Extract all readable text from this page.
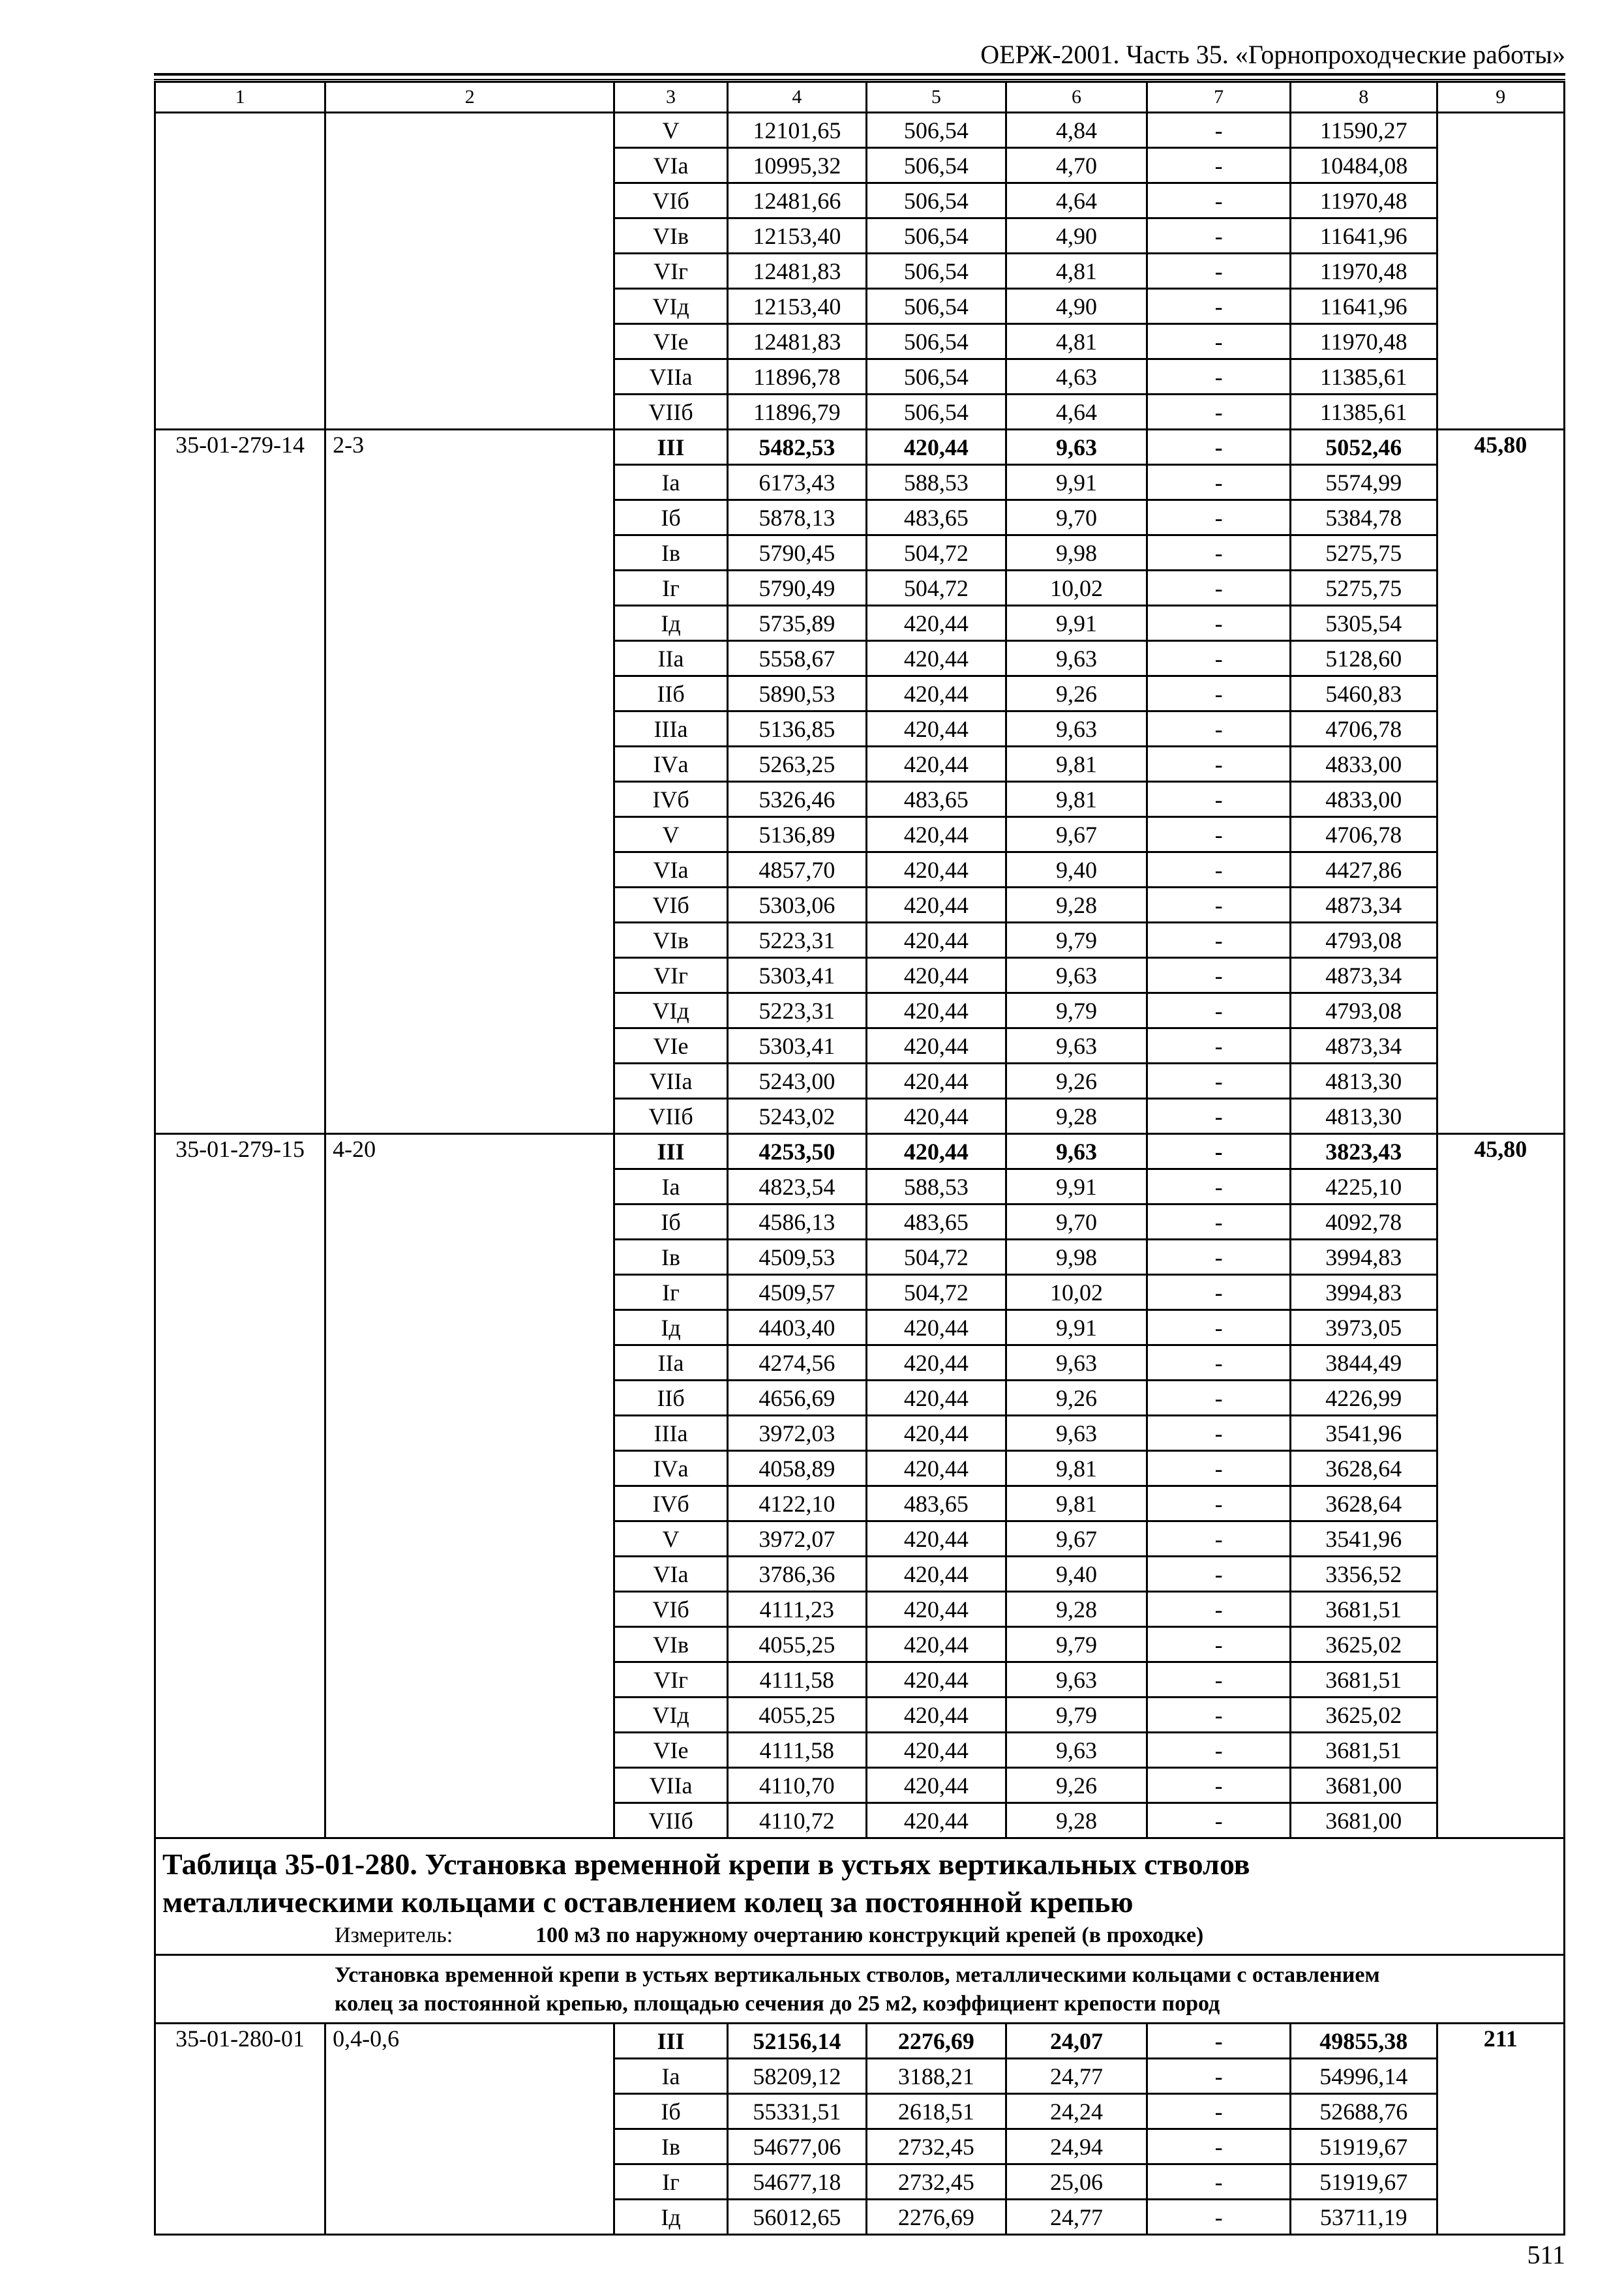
ОЕРЖ-2001. Часть 35. «Горнопроходческие работы»
1	2	3	4	5	6	7	8	9
		V	12101,65	506,54	4,84	-	11590,27	
		VIа	10995,32	506,54	4,70	-	10484,08	
		VIб	12481,66	506,54	4,64	-	11970,48	
		VIв	12153,40	506,54	4,90	-	11641,96	
		VIг	12481,83	506,54	4,81	-	11970,48	
		VIд	12153,40	506,54	4,90	-	11641,96	
		VIе	12481,83	506,54	4,81	-	11970,48	
		VIIа	11896,78	506,54	4,63	-	11385,61	
		VIIб	11896,79	506,54	4,64	-	11385,61	
35-01-279-14	2-3	III	5482,53	420,44	9,63	-	5052,46	45,80
		Iа	6173,43	588,53	9,91	-	5574,99	
		Iб	5878,13	483,65	9,70	-	5384,78	
		Iв	5790,45	504,72	9,98	-	5275,75	
		Iг	5790,49	504,72	10,02	-	5275,75	
		Iд	5735,89	420,44	9,91	-	5305,54	
		IIа	5558,67	420,44	9,63	-	5128,60	
		IIб	5890,53	420,44	9,26	-	5460,83	
		IIIа	5136,85	420,44	9,63	-	4706,78	
		IVа	5263,25	420,44	9,81	-	4833,00	
		IVб	5326,46	483,65	9,81	-	4833,00	
		V	5136,89	420,44	9,67	-	4706,78	
		VIа	4857,70	420,44	9,40	-	4427,86	
		VIб	5303,06	420,44	9,28	-	4873,34	
		VIв	5223,31	420,44	9,79	-	4793,08	
		VIг	5303,41	420,44	9,63	-	4873,34	
		VIд	5223,31	420,44	9,79	-	4793,08	
		VIе	5303,41	420,44	9,63	-	4873,34	
		VIIа	5243,00	420,44	9,26	-	4813,30	
		VIIб	5243,02	420,44	9,28	-	4813,30	
35-01-279-15	4-20	III	4253,50	420,44	9,63	-	3823,43	45,80
		Iа	4823,54	588,53	9,91	-	4225,10	
		Iб	4586,13	483,65	9,70	-	4092,78	
		Iв	4509,53	504,72	9,98	-	3994,83	
		Iг	4509,57	504,72	10,02	-	3994,83	
		Iд	4403,40	420,44	9,91	-	3973,05	
		IIа	4274,56	420,44	9,63	-	3844,49	
		IIб	4656,69	420,44	9,26	-	4226,99	
		IIIа	3972,03	420,44	9,63	-	3541,96	
		IVа	4058,89	420,44	9,81	-	3628,64	
		IVб	4122,10	483,65	9,81	-	3628,64	
		V	3972,07	420,44	9,67	-	3541,96	
		VIа	3786,36	420,44	9,40	-	3356,52	
		VIб	4111,23	420,44	9,28	-	3681,51	
		VIв	4055,25	420,44	9,79	-	3625,02	
		VIг	4111,58	420,44	9,63	-	3681,51	
		VIд	4055,25	420,44	9,79	-	3625,02	
		VIе	4111,58	420,44	9,63	-	3681,51	
		VIIа	4110,70	420,44	9,26	-	3681,00	
		VIIб	4110,72	420,44	9,28	-	3681,00	

Таблица 35-01-280. Установка временной крепи в устьях вертикальных стволов
металлическими кольцами с оставлением колец за постоянной крепью
Измеритель: 100 м3 по наружному очертанию конструкций крепей (в проходке)								

Установка временной крепи в устьях вертикальных стволов, металлическими кольцами с оставлением
колец за постоянной крепью, площадью сечения до 25 м2, коэффициент крепости пород								

35-01-280-01	0,4-0,6	III	52156,14	2276,69	24,07	-	49855,38	211
		Iа	58209,12	3188,21	24,77	-	54996,14	
		Iб	55331,51	2618,51	24,24	-	52688,76	
		Iв	54677,06	2732,45	24,94	-	51919,67	
		Iг	54677,18	2732,45	25,06	-	51919,67	
		Iд	56012,65	2276,69	24,77	-	53711,19	
511
